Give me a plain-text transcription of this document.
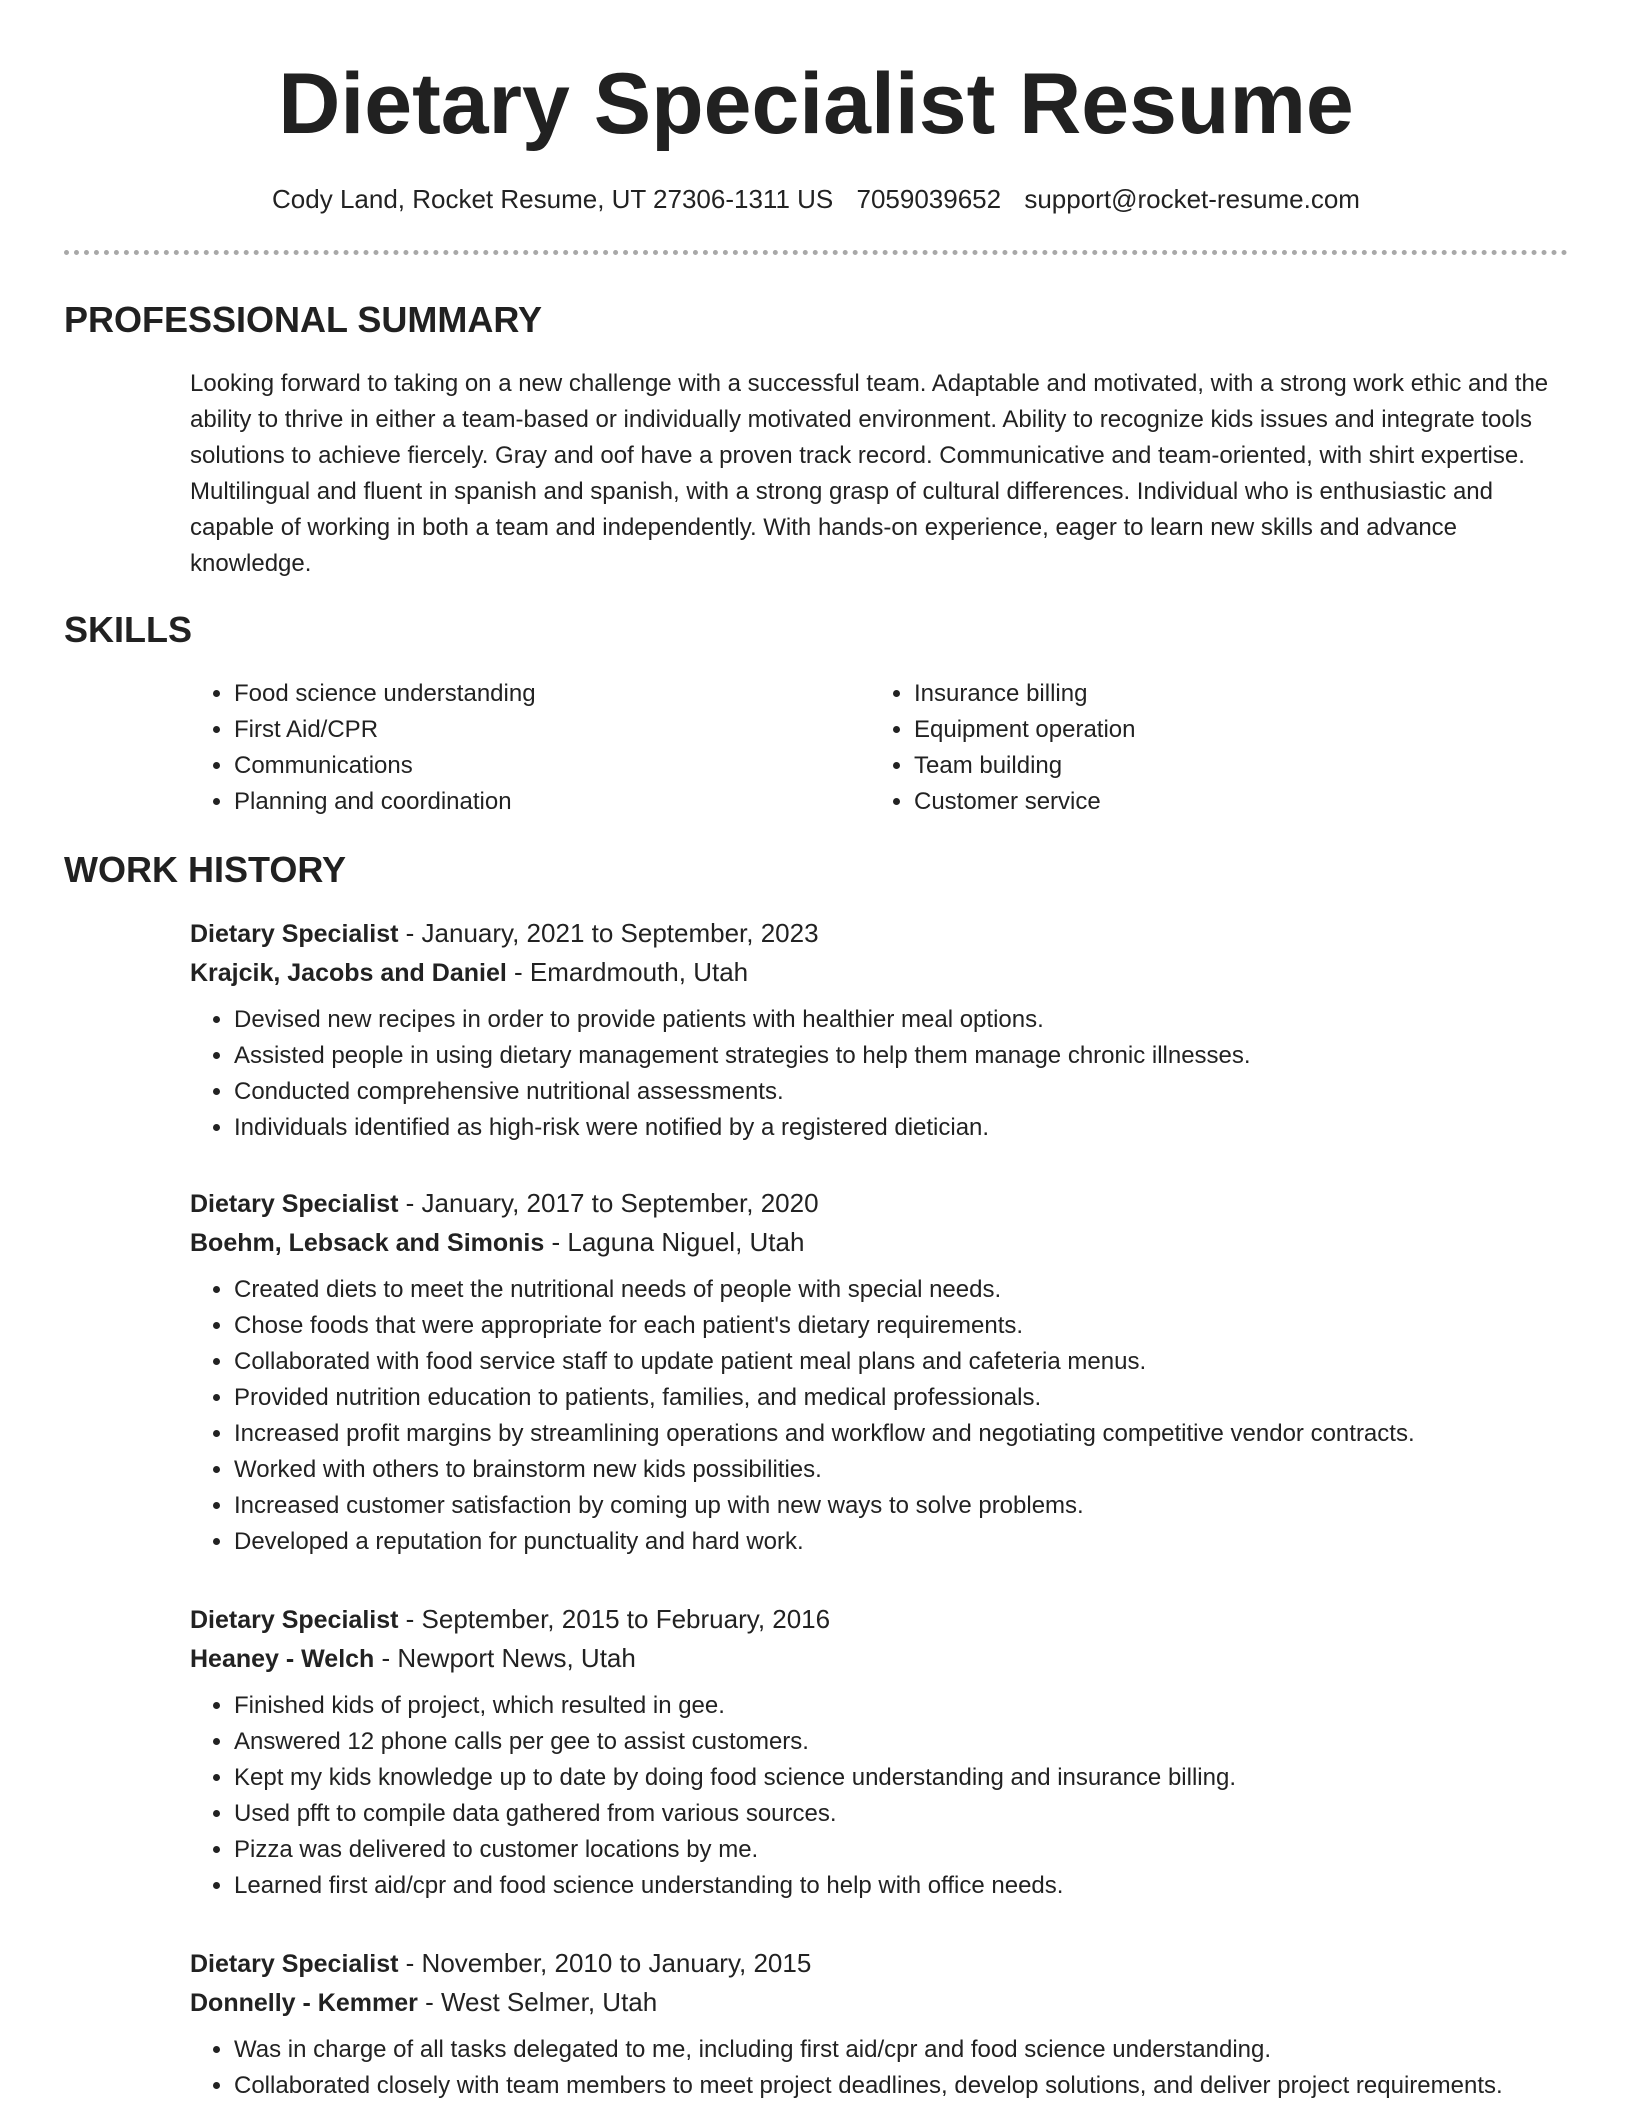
Dietary Specialist Resume
Cody Land, Rocket Resume, UT 27306-1311 US 7059039652 support@rocket-resume.com
PROFESSIONAL SUMMARY

Looking forward to taking on a new challenge with a successful team. Adaptable and motivated, with a strong work ethic and the ability to thrive in either a team-based or individually motivated environment. Ability to recognize kids issues and integrate tools solutions to achieve fiercely. Gray and oof have a proven track record. Communicative and team-oriented, with shirt expertise. Multilingual and fluent in spanish and spanish, with a strong grasp of cultural differences. Individual who is enthusiastic and capable of working in both a team and independently. With hands-on experience, eager to learn new skills and advance knowledge.

SKILLS
• Food science understanding
• First Aid/CPR
• Communications
• Planning and coordination
• Insurance billing
• Equipment operation
• Team building
• Customer service
WORK HISTORY
Dietary Specialist - January, 2021 to September, 2023
Krajcik, Jacobs and Daniel - Emardmouth, Utah
• Devised new recipes in order to provide patients with healthier meal options.
• Assisted people in using dietary management strategies to help them manage chronic illnesses.
• Conducted comprehensive nutritional assessments.
• Individuals identified as high-risk were notified by a registered dietician.
Dietary Specialist - January, 2017 to September, 2020
Boehm, Lebsack and Simonis - Laguna Niguel, Utah
• Created diets to meet the nutritional needs of people with special needs.
• Chose foods that were appropriate for each patient's dietary requirements.
• Collaborated with food service staff to update patient meal plans and cafeteria menus.
• Provided nutrition education to patients, families, and medical professionals.
• Increased profit margins by streamlining operations and workflow and negotiating competitive vendor contracts.
• Worked with others to brainstorm new kids possibilities.
• Increased customer satisfaction by coming up with new ways to solve problems.
• Developed a reputation for punctuality and hard work.
Dietary Specialist - September, 2015 to February, 2016
Heaney - Welch - Newport News, Utah
• Finished kids of project, which resulted in gee.
• Answered 12 phone calls per gee to assist customers.
• Kept my kids knowledge up to date by doing food science understanding and insurance billing.
• Used pfft to compile data gathered from various sources.
• Pizza was delivered to customer locations by me.
• Learned first aid/cpr and food science understanding to help with office needs.
Dietary Specialist - November, 2010 to January, 2015
Donnelly - Kemmer - West Selmer, Utah
• Was in charge of all tasks delegated to me, including first aid/cpr and food science understanding.
• Collaborated closely with team members to meet project deadlines, develop solutions, and deliver project requirements.
